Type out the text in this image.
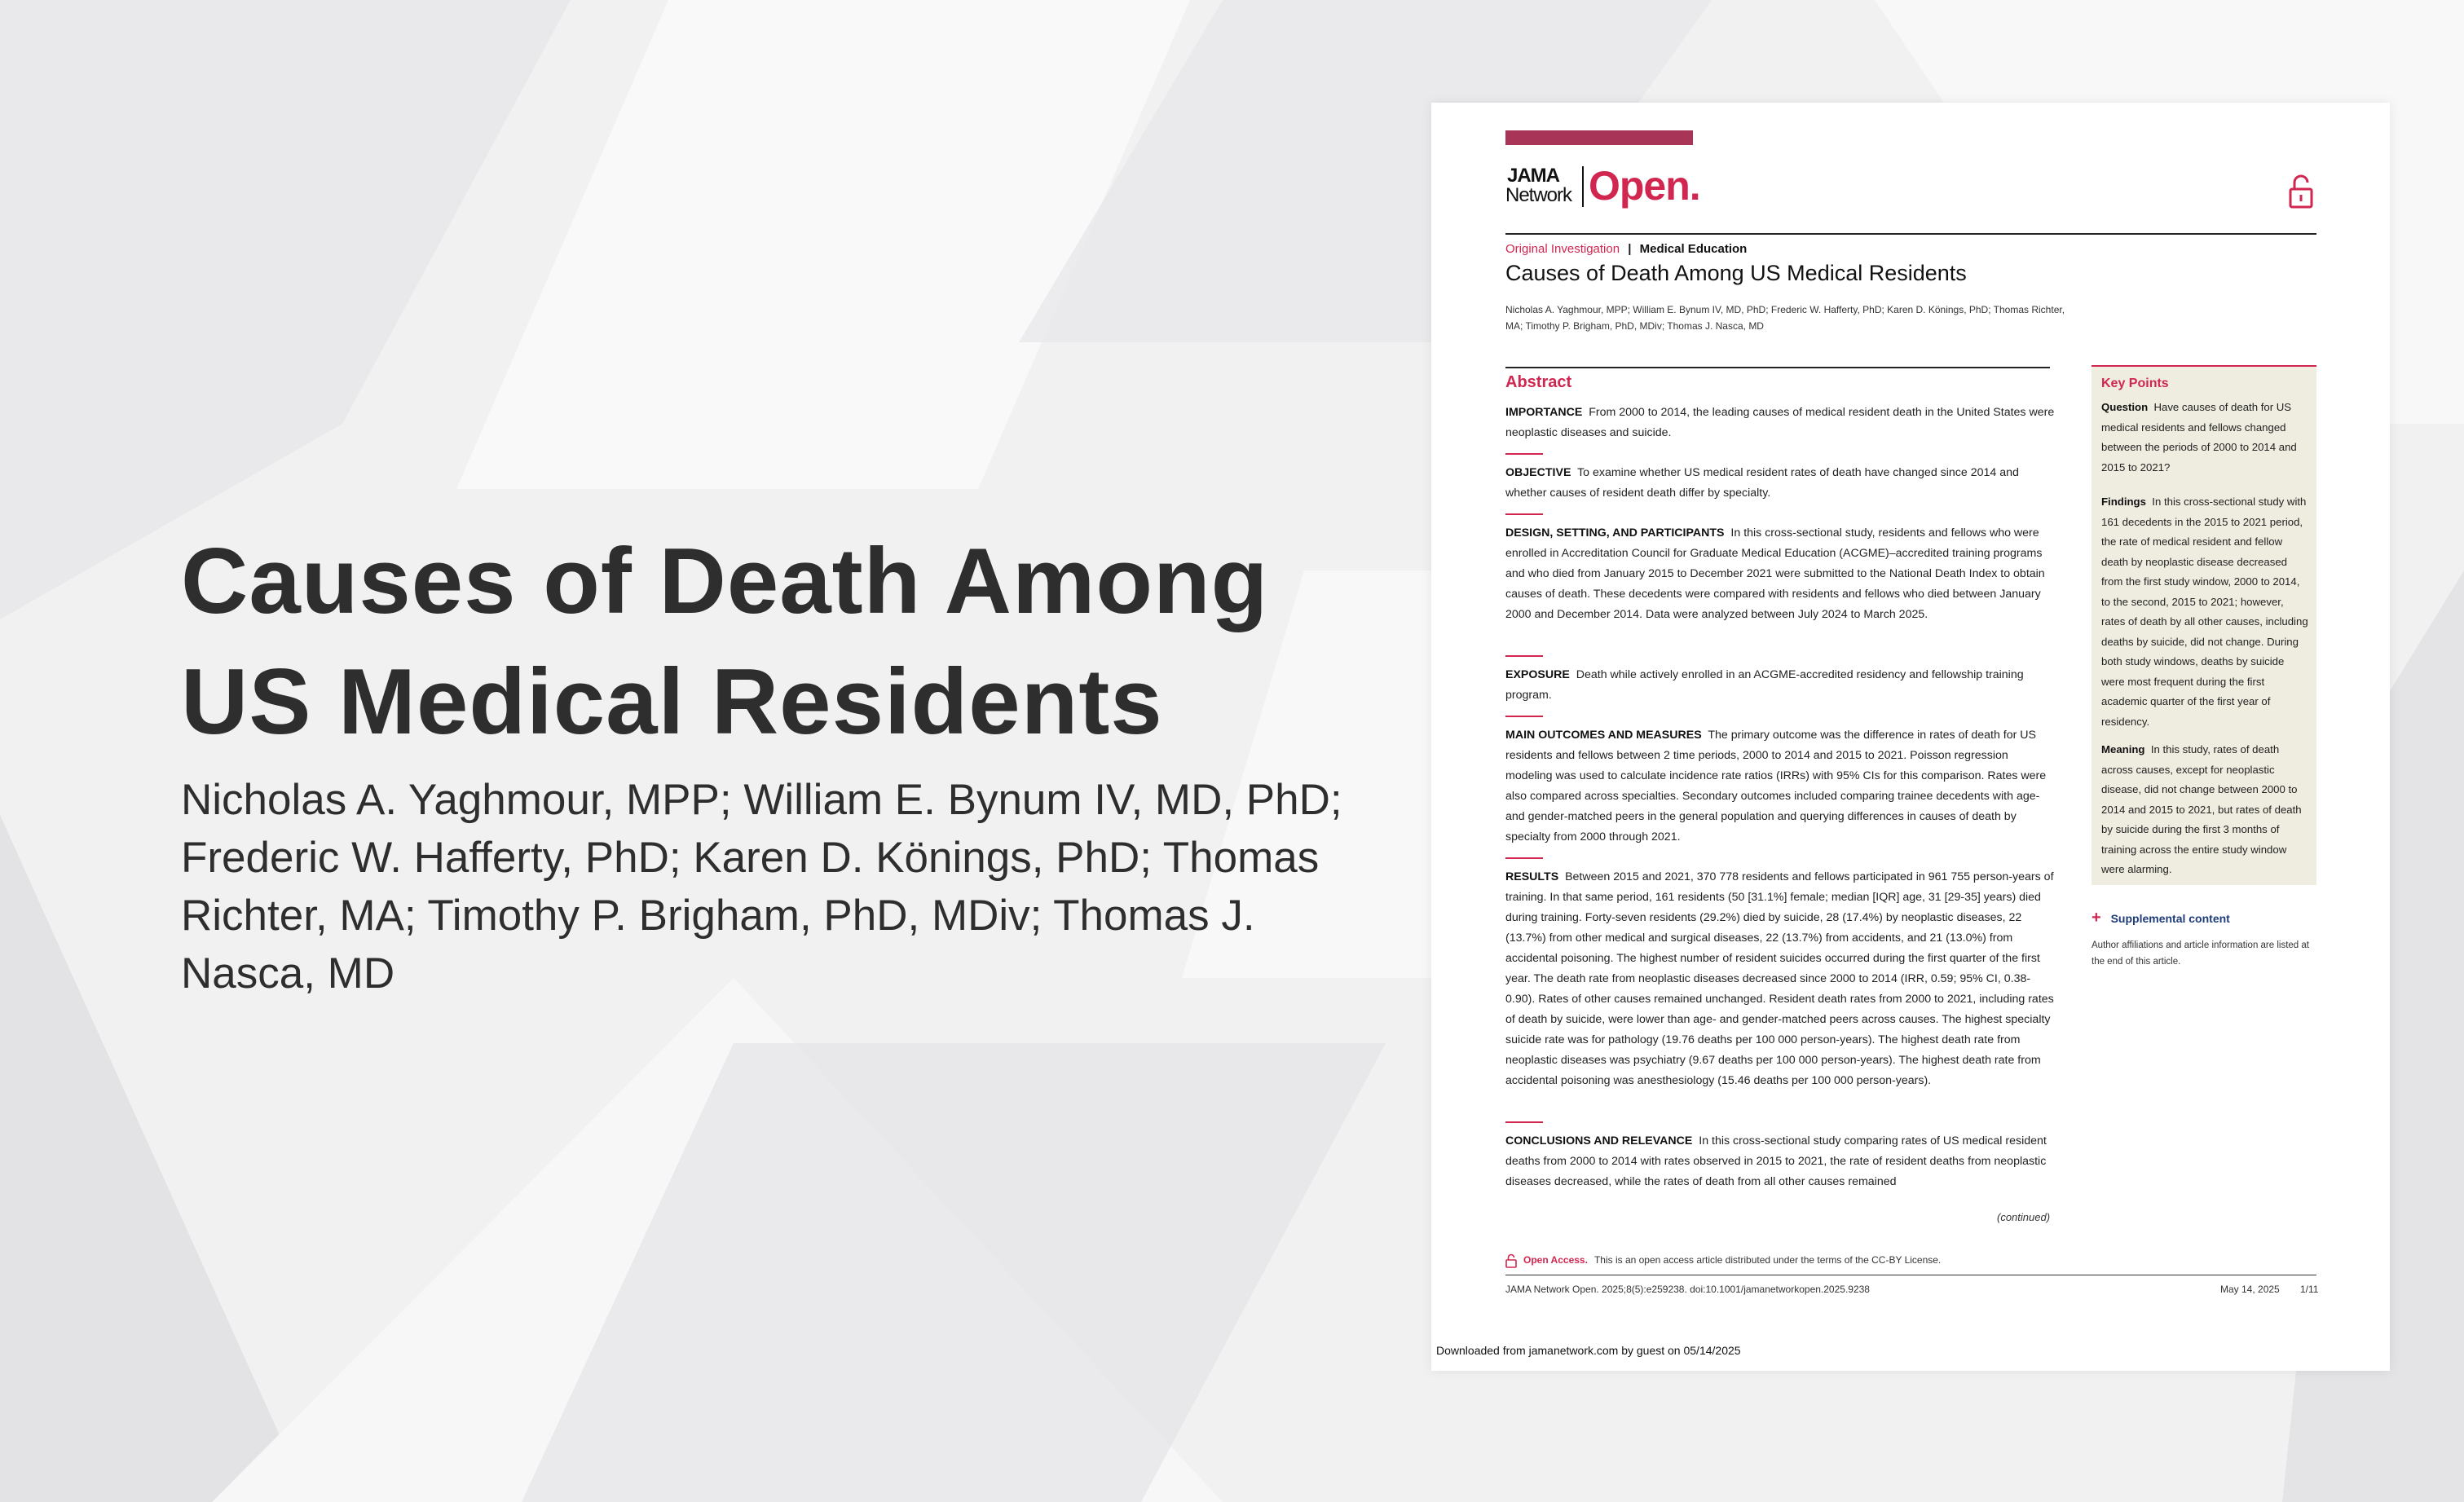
Causes of Death Among US Medical Residents

Nicholas A. Yaghmour, MPP; William E. Bynum IV, MD, PhD; Frederic W. Hafferty, PhD; Karen D. Könings, PhD; Thomas Richter, MA; Timothy P. Brigham, PhD, MDiv; Thomas J. Nasca, MD

JAMA
Network Open.
Original Investigation | Medical Education
Causes of Death Among US Medical Residents
Nicholas A. Yaghmour, MPP; William E. Bynum IV, MD, PhD; Frederic W. Hafferty, PhD; Karen D. Könings, PhD; Thomas Richter, MA; Timothy P. Brigham, PhD, MDiv; Thomas J. Nasca, MD
Abstract
IMPORTANCE From 2000 to 2014, the leading causes of medical resident death in the United States were neoplastic diseases and suicide.
OBJECTIVE To examine whether US medical resident rates of death have changed since 2014 and whether causes of resident death differ by specialty.
DESIGN, SETTING, AND PARTICIPANTS In this cross-sectional study, residents and fellows who were enrolled in Accreditation Council for Graduate Medical Education (ACGME)–accredited training programs and who died from January 2015 to December 2021 were submitted to the National Death Index to obtain causes of death. These decedents were compared with residents and fellows who died between January 2000 and December 2014. Data were analyzed between July 2024 to March 2025.
EXPOSURE Death while actively enrolled in an ACGME-accredited residency and fellowship training program.
MAIN OUTCOMES AND MEASURES The primary outcome was the difference in rates of death for US residents and fellows between 2 time periods, 2000 to 2014 and 2015 to 2021. Poisson regression modeling was used to calculate incidence rate ratios (IRRs) with 95% CIs for this comparison. Rates were also compared across specialties. Secondary outcomes included comparing trainee decedents with age- and gender-matched peers in the general population and querying differences in causes of death by specialty from 2000 through 2021.
RESULTS Between 2015 and 2021, 370 778 residents and fellows participated in 961 755 person-years of training. In that same period, 161 residents (50 [31.1%] female; median [IQR] age, 31 [29-35] years) died during training. Forty-seven residents (29.2%) died by suicide, 28 (17.4%) by neoplastic diseases, 22 (13.7%) from other medical and surgical diseases, 22 (13.7%) from accidents, and 21 (13.0%) from accidental poisoning. The highest number of resident suicides occurred during the first quarter of the first year. The death rate from neoplastic diseases decreased since 2000 to 2014 (IRR, 0.59; 95% CI, 0.38-0.90). Rates of other causes remained unchanged. Resident death rates from 2000 to 2021, including rates of death by suicide, were lower than age- and gender-matched peers across causes. The highest specialty suicide rate was for pathology (19.76 deaths per 100 000 person-years). The highest death rate from neoplastic diseases was psychiatry (9.67 deaths per 100 000 person-years). The highest death rate from accidental poisoning was anesthesiology (15.46 deaths per 100 000 person-years).
CONCLUSIONS AND RELEVANCE In this cross-sectional study comparing rates of US medical resident deaths from 2000 to 2014 with rates observed in 2015 to 2021, the rate of resident deaths from neoplastic diseases decreased, while the rates of death from all other causes remained
(continued)
Key Points
Question Have causes of death for US medical residents and fellows changed between the periods of 2000 to 2014 and 2015 to 2021?
Findings In this cross-sectional study with 161 decedents in the 2015 to 2021 period, the rate of medical resident and fellow death by neoplastic disease decreased from the first study window, 2000 to 2014, to the second, 2015 to 2021; however, rates of death by all other causes, including deaths by suicide, did not change. During both study windows, deaths by suicide were most frequent during the first academic quarter of the first year of residency.
Meaning In this study, rates of death across causes, except for neoplastic disease, did not change between 2000 to 2014 and 2015 to 2021, but rates of death by suicide during the first 3 months of training across the entire study window were alarming.
+ Supplemental content
Author affiliations and article information are listed at the end of this article.
Open Access. This is an open access article distributed under the terms of the CC-BY License.
JAMA Network Open. 2025;8(5):e259238. doi:10.1001/jamanetworkopen.2025.9238	May 14, 2025 1/11
Downloaded from jamanetwork.com by guest on 05/14/2025
